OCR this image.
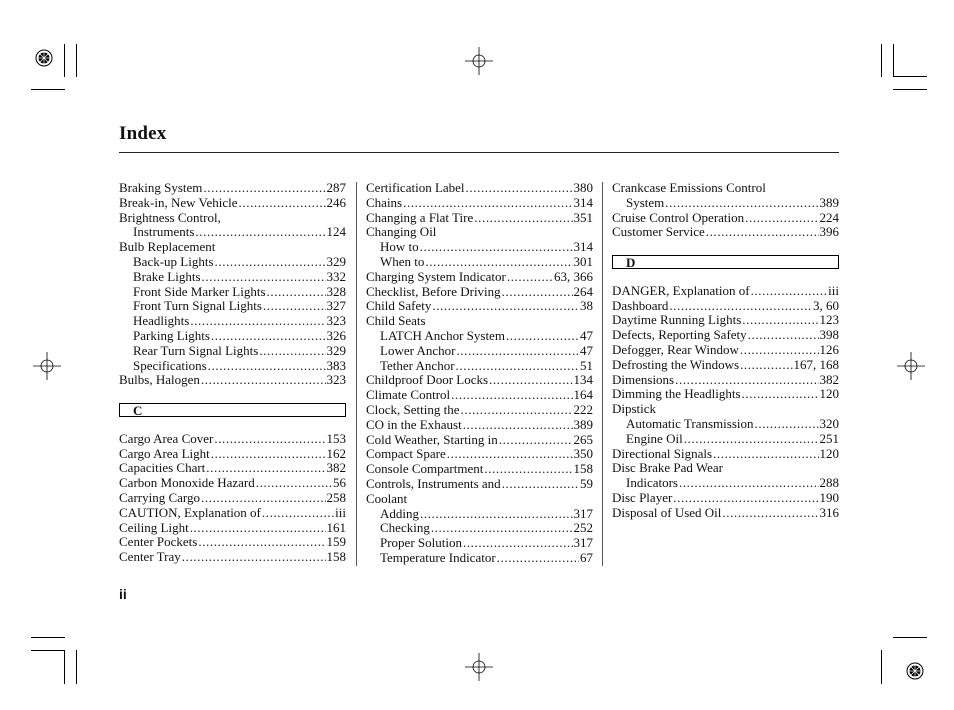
Index
Braking System .....	287
Break-in, New Vehicle .....	246
Brightness Control,
Instruments .....	124
Bulb Replacement
Back-up Lights .....	329
Brake Lights .....	332
Front Side Marker Lights .....	328
Front Turn Signal Lights .....	327
Headlights .....	323
Parking Lights .....	326
Rear Turn Signal Lights .....	329
Specifications .....	383
Bulbs, Halogen .....	323
C
Cargo Area Cover .....	153
Cargo Area Light .....	162
Capacities Chart .....	382
Carbon Monoxide Hazard .....	56
Carrying Cargo .....	258
CAUTION, Explanation of .....	iii
Ceiling Light .....	161
Center Pockets .....	159
Center Tray .....	158
Certification Label .....	380
Chains .....	314
Changing a Flat Tire .....	351
Changing Oil
How to .....	314
When to .....	301
Charging System Indicator .....	63, 366
Checklist, Before Driving .....	264
Child Safety .....	38
Child Seats
LATCH Anchor System .....	47
Lower Anchor .....	47
Tether Anchor .....	51
Childproof Door Locks .....	134
Climate Control .....	164
Clock, Setting the .....	222
CO in the Exhaust .....	389
Cold Weather, Starting in .....	265
Compact Spare .....	350
Console Compartment .....	158
Controls, Instruments and .....	59
Coolant
Adding .....	317
Checking .....	252
Proper Solution .....	317
Temperature Indicator .....	67
Crankcase Emissions Control
System .....	389
Cruise Control Operation .....	224
Customer Service .....	396
D
DANGER, Explanation of .....	iii
Dashboard .....	3, 60
Daytime Running Lights .....	123
Defects, Reporting Safety .....	398
Defogger, Rear Window .....	126
Defrosting the Windows .....	167, 168
Dimensions .....	382
Dimming the Headlights .....	120
Dipstick
Automatic Transmission .....	320
Engine Oil .....	251
Directional Signals .....	120
Disc Brake Pad Wear
Indicators .....	288
Disc Player .....	190
Disposal of Used Oil .....	316
ii
